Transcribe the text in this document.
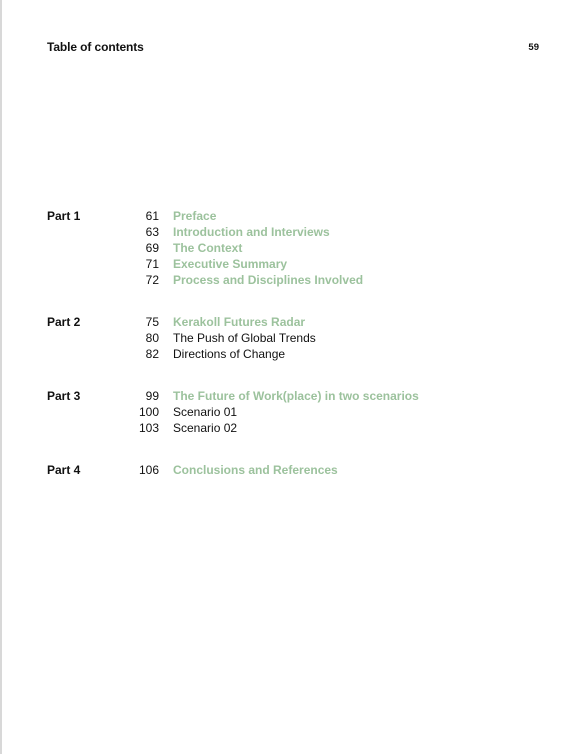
Table of contents	59
Part 1	61 Preface
63 Introduction and Interviews
69 The Context
71 Executive Summary
72 Process and Disciplines Involved
Part 2	75 Kerakoll Futures Radar
80 The Push of Global Trends
82 Directions of Change
Part 3	99 The Future of Work(place) in two scenarios
100 Scenario 01
103 Scenario 02
Part 4	106 Conclusions and References
